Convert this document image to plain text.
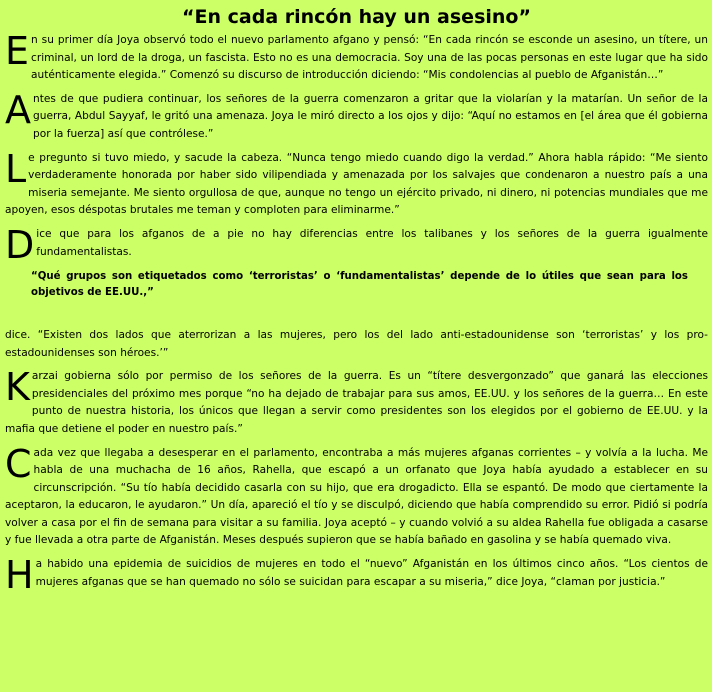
“En cada rincón hay un asesino”

En su primer día Joya observó todo el nuevo parlamento afgano y pensó: “En cada rincón se esconde un asesino, un títere, un criminal, un lord de la droga, un fascista. Esto no es una democracia. Soy una de las pocas personas en este lugar que ha sido auténticamente elegida.” Comenzó su discurso de introducción diciendo: “Mis condolencias al pueblo de Afganistán…”

Antes de que pudiera continuar, los señores de la guerra comenzaron a gritar que la violarían y la matarían. Un señor de la guerra, Abdul Sayyaf, le gritó una amenaza. Joya le miró directo a los ojos y dijo: “Aquí no estamos en [el área que él gobierna por la fuerza] así que contrólese.”

Le pregunto si tuvo miedo, y sacude la cabeza. “Nunca tengo miedo cuando digo la verdad.” Ahora habla rápido: “Me siento verdaderamente honorada por haber sido vilipendiada y amenazada por los salvajes que condenaron a nuestro país a una miseria semejante. Me siento orgullosa de que, aunque no tengo un ejército privado, ni dinero, ni potencias mundiales que me apoyen, esos déspotas brutales me teman y comploten para eliminarme.”

Dice que para los afganos de a pie no hay diferencias entre los talibanes y los señores de la guerra igualmente fundamentalistas.

“Qué grupos son etiquetados como ‘terroristas’ o ‘fundamentalistas’ depende de lo útiles que sean para los objetivos de EE.UU.,”

dice. “Existen dos lados que aterrorizan a las mujeres, pero los del lado anti-estadounidense son ‘terroristas’ y los pro-estadounidenses son héroes.’”

Karzai gobierna sólo por permiso de los señores de la guerra. Es un “títere desvergonzado” que ganará las elecciones presidenciales del próximo mes porque “no ha dejado de trabajar para sus amos, EE.UU. y los señores de la guerra… En este punto de nuestra historia, los únicos que llegan a servir como presidentes son los elegidos por el gobierno de EE.UU. y la mafia que detiene el poder en nuestro país.”

Cada vez que llegaba a desesperar en el parlamento, encontraba a más mujeres afganas corrientes – y volvía a la lucha. Me habla de una muchacha de 16 años, Rahella, que escapó a un orfanato que Joya había ayudado a establecer en su circunscripción. “Su tío había decidido casarla con su hijo, que era drogadicto. Ella se espantó. De modo que ciertamente la aceptaron, la educaron, le ayudaron.” Un día, apareció el tío y se disculpó, diciendo que había comprendido su error. Pidió si podría volver a casa por el fin de semana para visitar a su familia. Joya aceptó – y cuando volvió a su aldea Rahella fue obligada a casarse y fue llevada a otra parte de Afganistán. Meses después supieron que se había bañado en gasolina y se había quemado viva.

Ha habido una epidemia de suicidios de mujeres en todo el “nuevo” Afganistán en los últimos cinco años. “Los cientos de mujeres afganas que se han quemado no sólo se suicidan para escapar a su miseria,” dice Joya, “claman por justicia.”
